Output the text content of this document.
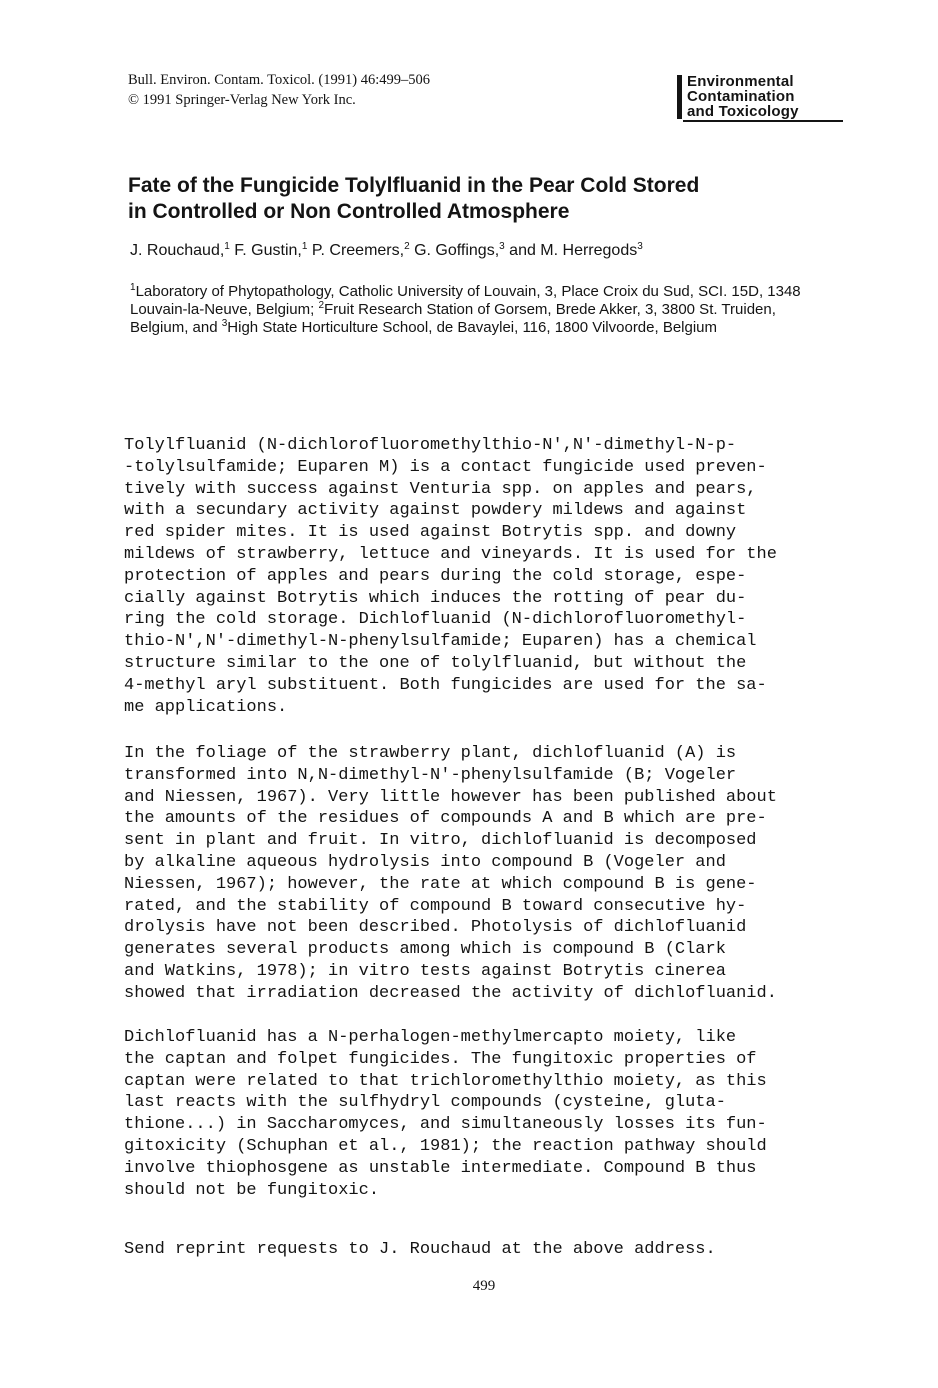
Bull. Environ. Contam. Toxicol. (1991) 46:499–506
© 1991 Springer-Verlag New York Inc.
Environmental
Contamination
and Toxicology
Fate of the Fungicide Tolylfluanid in the Pear Cold Stored
in Controlled or Non Controlled Atmosphere
J. Rouchaud,$^1$ F. Gustin,$^1$ P. Creemers,$^2$ G. Goffings,$^3$ and M. Herregods$^3$
$^1$Laboratory of Phytopathology, Catholic University of Louvain, 3, Place Croix du Sud, SCI. 15D, 1348 Louvain-la-Neuve, Belgium; $^2$Fruit Research Station of Gorsem, Brede Akker, 3, 3800 St. Truiden, Belgium, and $^3$High State Horticulture School, de Bavaylei, 116, 1800 Vilvoorde, Belgium

Tolylfluanid (N-dichlorofluoromethylthio-N',N'-dimethyl-N-p-
-tolylsulfamide; Euparen M) is a contact fungicide used preven-
tively with success against Venturia spp. on apples and pears,
with a secundary activity against powdery mildews and against
red spider mites. It is used against Botrytis spp. and downy
mildews of strawberry, lettuce and vineyards. It is used for the
protection of apples and pears during the cold storage, espe-
cially against Botrytis which induces the rotting of pear du-
ring the cold storage. Dichlofluanid (N-dichlorofluoromethyl-
thio-N',N'-dimethyl-N-phenylsulfamide; Euparen) has a chemical
structure similar to the one of tolylfluanid, but without the
4-methyl aryl substituent. Both fungicides are used for the sa-
me applications.

In the foliage of the strawberry plant, dichlofluanid (A) is
transformed into N,N-dimethyl-N'-phenylsulfamide (B; Vogeler
and Niessen, 1967). Very little however has been published about
the amounts of the residues of compounds A and B which are pre-
sent in plant and fruit. In vitro, dichlofluanid is decomposed
by alkaline aqueous hydrolysis into compound B (Vogeler and
Niessen, 1967); however, the rate at which compound B is gene-
rated, and the stability of compound B toward consecutive hy-
drolysis have not been described. Photolysis of dichlofluanid
generates several products among which is compound B (Clark
and Watkins, 1978); in vitro tests against Botrytis cinerea
showed that irradiation decreased the activity of dichlofluanid.

Dichlofluanid has a N-perhalogen-methylmercapto moiety, like
the captan and folpet fungicides. The fungitoxic properties of
captan were related to that trichloromethylthio moiety, as this
last reacts with the sulfhydryl compounds (cysteine, gluta-
thione...) in Saccharomyces, and simultaneously losses its fun-
gitoxicity (Schuphan et al., 1981); the reaction pathway should
involve thiophosgene as unstable intermediate. Compound B thus
should not be fungitoxic.

Send reprint requests to J. Rouchaud at the above address.
499
